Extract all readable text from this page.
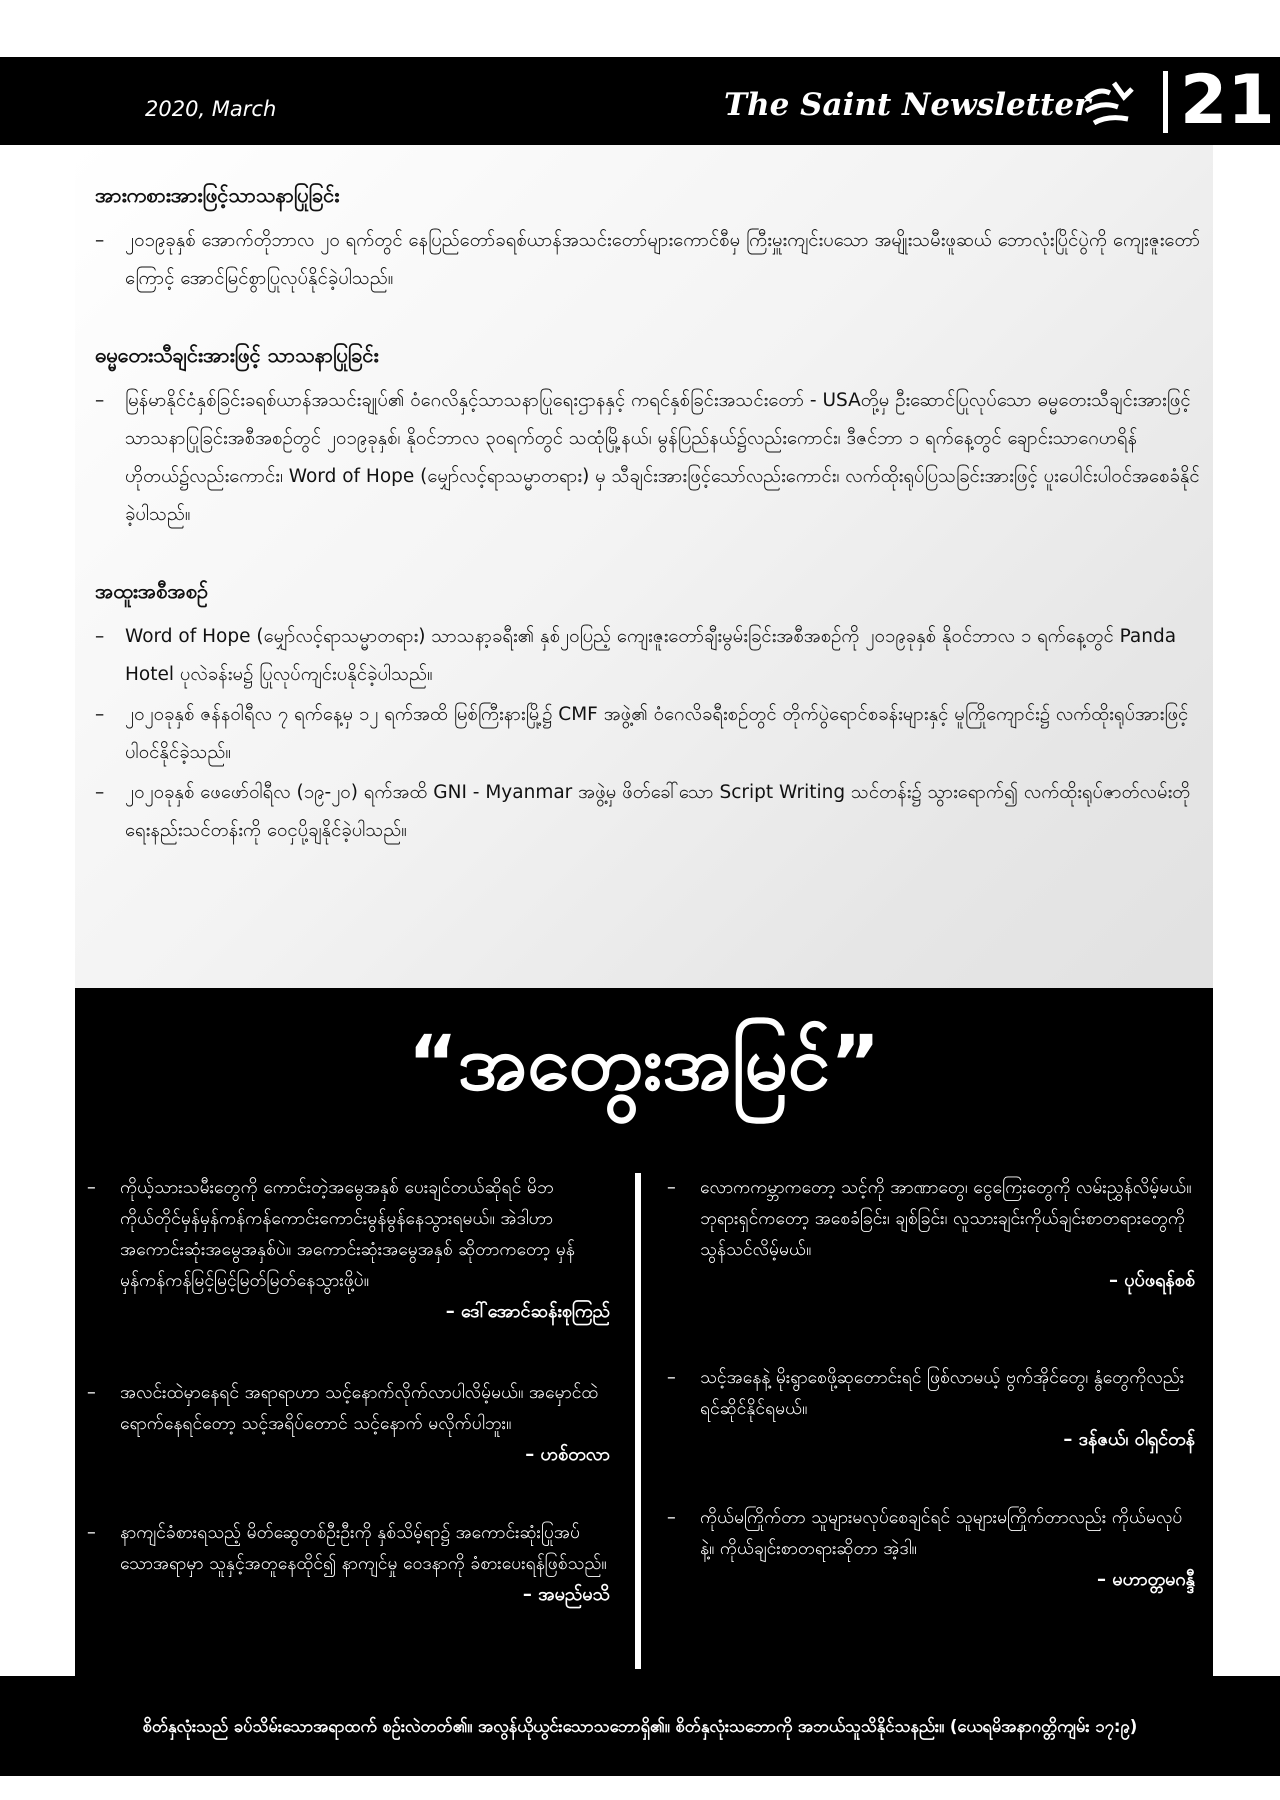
2020, March	The Saint Newsletter 21
အားကစားအားဖြင့်သာသနာပြုခြင်း
– ၂၀၁၉ခုနှစ် အောက်တိုဘာလ ၂၀ ရက်တွင် နေပြည်တော်ခရစ်ယာန်အသင်းတော်များကောင်စီမှ ကြီးမှူးကျင်းပသော အမျိုးသမီးဖူဆယ် ဘောလုံးပြိုင်ပွဲကို ကျေးဇူးတော်ကြောင့် အောင်မြင်စွာပြုလုပ်နိုင်ခဲ့ပါသည်။
ဓမ္မတေးသီချင်းအားဖြင့် သာသနာပြုခြင်း
– မြန်မာနိုင်ငံနှစ်ခြင်းခရစ်ယာန်အသင်းချုပ်၏ ဝံဂေလိနှင့်သာသနာပြုရေးဌာနနှင့် ကရင်နှစ်ခြင်းအသင်းတော် - USAတို့မှ ဦးဆောင်ပြုလုပ်သော ဓမ္မတေးသီချင်းအားဖြင့် သာသနာပြုခြင်းအစီအစဉ်တွင် ၂၀၁၉ခုနှစ်၊ နိုဝင်ဘာလ ၃၀ရက်တွင် သထုံမြို့နယ်၊ မွန်ပြည်နယ်၌လည်းကောင်း၊ ဒီဇင်ဘာ ၁ ရက်နေ့တွင် ချောင်းသာဂေဟရိန်ဟိုတယ်၌လည်းကောင်း၊ Word of Hope (မျှော်လင့်ရာသမ္မာတရား) မှ သီချင်းအားဖြင့်သော်လည်းကောင်း၊ လက်ထိုးရုပ်ပြသခြင်းအားဖြင့် ပူးပေါင်းပါဝင်အစေခံနိုင်ခဲ့ပါသည်။
အထူးအစီအစဉ်
– Word of Hope (မျှော်လင့်ရာသမ္မာတရား) သာသနာ့ခရီး၏ နှစ်၂၀ပြည့် ကျေးဇူးတော်ချီးမွမ်းခြင်းအစီအစဉ်ကို ၂၀၁၉ခုနှစ် နိုဝင်ဘာလ ၁ ရက်နေ့တွင် Panda Hotel ပုလဲခန်းမ၌ ပြုလုပ်ကျင်းပနိုင်ခဲ့ပါသည်။
– ၂၀၂၀ခုနှစ် ဇန်နဝါရီလ ၇ ရက်နေ့မှ ၁၂ ရက်အထိ မြစ်ကြီးနားမြို့၌ CMF အဖွဲ့၏ ဝံဂေလိခရီးစဉ်တွင် တိုက်ပွဲရောင်စခန်းများနှင့် မူကြိုကျောင်း၌ လက်ထိုးရုပ်အားဖြင့် ပါဝင်နိုင်ခဲ့သည်။
– ၂၀၂၀ခုနှစ် ဖေဖော်ဝါရီလ (၁၉-၂၀) ရက်အထိ GNI - Myanmar အဖွဲ့မှ ဖိတ်ခေါ်သော Script Writing သင်တန်း၌ သွားရောက်၍ လက်ထိုးရုပ်ဇာတ်လမ်းတိုရေးနည်းသင်တန်းကို ဝေငှပို့ချနိုင်ခဲ့ပါသည်။
“အတွေးအမြင်”
– ကိုယ့်သားသမီးတွေကို ကောင်းတဲ့အမွေအနှစ် ပေးချင်တယ်ဆိုရင် မိဘကိုယ်တိုင်မှန်မှန်ကန်ကန်ကောင်းကောင်းမွန်မွန်နေသွားရမယ်။ အဲဒါဟာ အကောင်းဆုံးအမွေအနှစ်ပဲ။ အကောင်းဆုံးအမွေအနှစ် ဆိုတာကတော့ မှန်မှန်ကန်ကန်မြင့်မြင့်မြတ်မြတ်နေသွားဖို့ပဲ။
– ဒေါ်အောင်ဆန်းစုကြည်
– အလင်းထဲမှာနေရင် အရာရာဟာ သင့်နောက်လိုက်လာပါလိမ့်မယ်။ အမှောင်ထဲရောက်နေရင်တော့ သင့်အရိပ်တောင် သင့်နောက် မလိုက်ပါဘူး။
– ဟစ်တလာ
– နာကျင်ခံစားရသည့် မိတ်ဆွေတစ်ဦးဦးကို နှစ်သိမ့်ရာ၌ အကောင်းဆုံးပြုအပ်သောအရာမှာ သူနှင့်အတူနေထိုင်၍ နာကျင်မှု ဝေဒနာကို ခံစားပေးရန်ဖြစ်သည်။
– အမည်မသိ
– လောကကမ္ဘာကတော့ သင့်ကို အာဏာတွေ၊ ငွေကြေးတွေကို လမ်းညွှန်လိမ့်မယ်။ ဘုရားရှင်ကတော့ အစေခံခြင်း၊ ချစ်ခြင်း၊ လူသားချင်းကိုယ်ချင်းစာတရားတွေကို သွန်သင်လိမ့်မယ်။
– ပုပ်ဖရန်စစ်
– သင့်အနေနဲ့ မိုးရွာစေဖို့ဆုတောင်းရင် ဖြစ်လာမယ့် ဗွက်အိုင်တွေ၊ နွံတွေကိုလည်း ရင်ဆိုင်နိုင်ရမယ်။
– ဒန်ဇယ်၊ ဝါရှင်တန်
– ကိုယ်မကြိုက်တာ သူများမလုပ်စေချင်ရင် သူများမကြိုက်တာလည်း ကိုယ်မလုပ်နဲ့။ ကိုယ်ချင်းစာတရားဆိုတာ အဲ့ဒါ။
– မဟာတ္တမဂန္ဒီ
စိတ်နှလုံးသည် ခပ်သိမ်းသောအရာထက် စဉ်းလဲတတ်၏။ အလွန်ယိုယွင်းသောသဘောရှိ၏။ စိတ်နှလုံးသဘောကို အဘယ်သူသိနိုင်သနည်း။ (ယေရမိအနာဂတ္တိကျမ်း ၁၇:၉)
